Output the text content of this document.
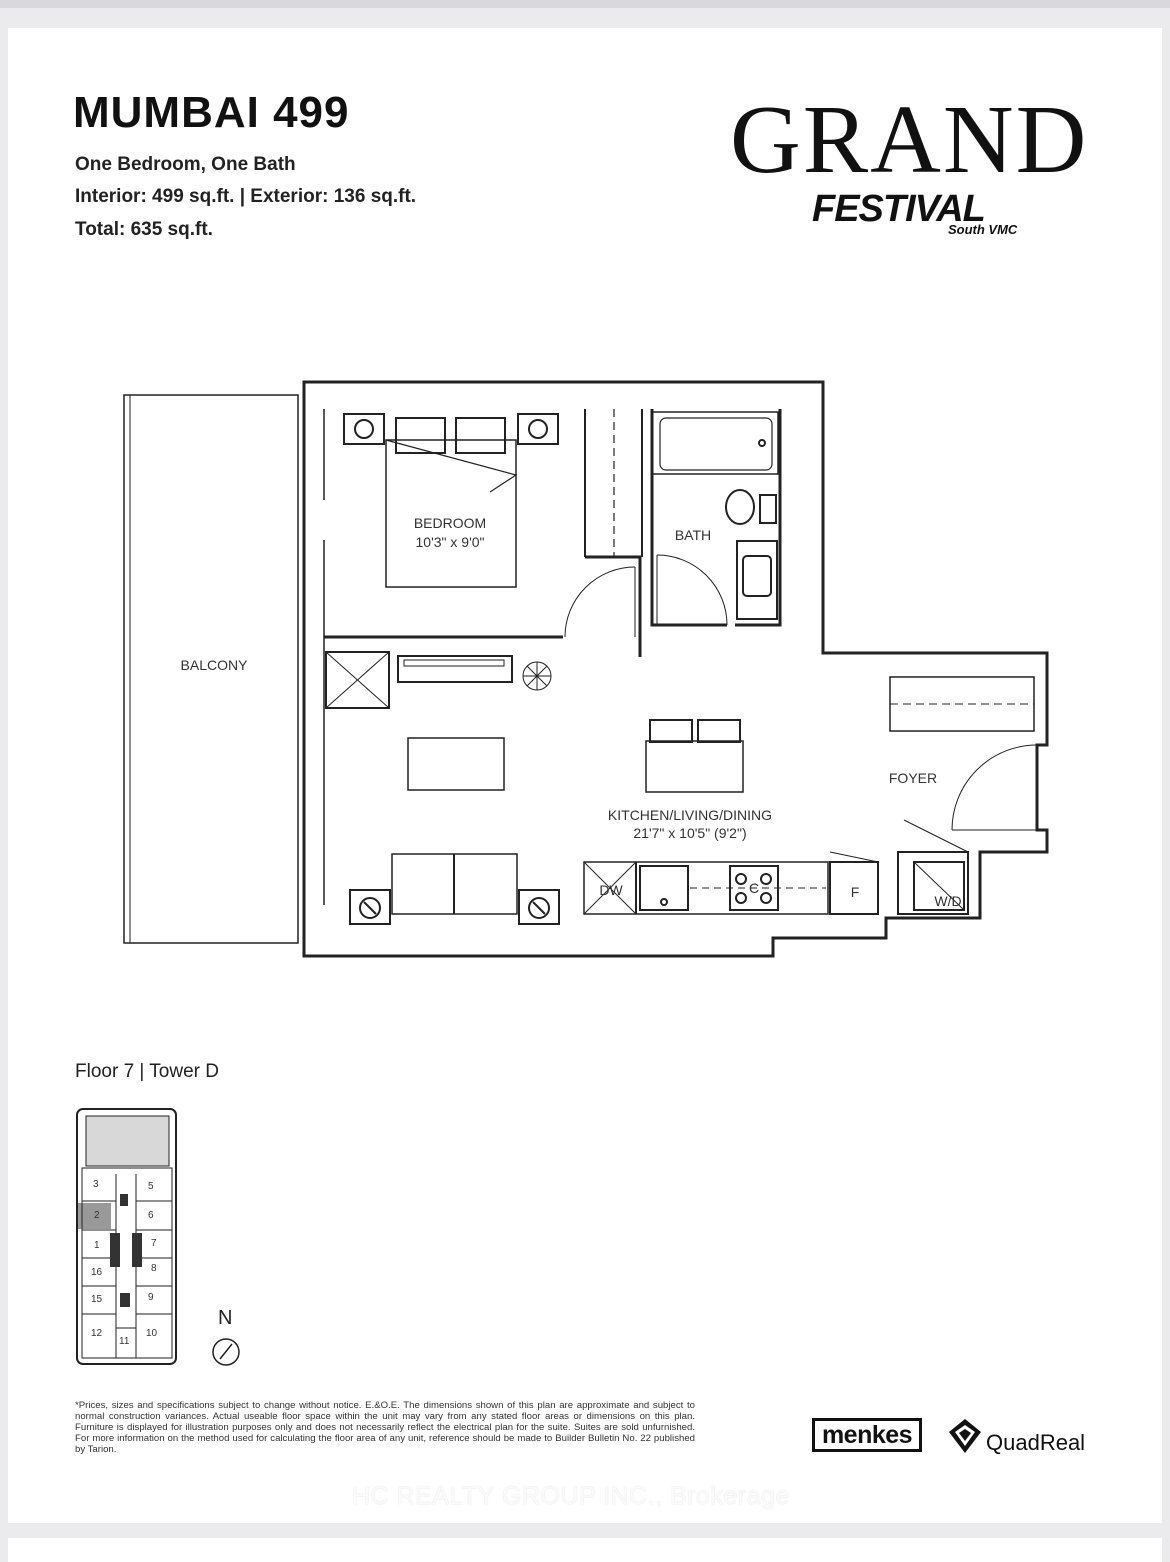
MUMBAI 499
One Bedroom, One Bath
Interior: 499 sq.ft. | Exterior: 136 sq.ft.
Total: 635 sq.ft.
GRAND
FESTIVAL
South VMC
BALCONY
BEDROOM
10'3" x 9'0"	BATH
KITCHEN/LIVING/DINING
21'7" x 10'5" (9'2")
FOYER
DW	C	F
W/D
Floor 7 | Tower D
3	5
2	6
1	7
16	8
15	9
12
11
10
N
*Prices, sizes and specifications subject to change without notice. E.&O.E. The dimensions shown of this plan are approximate and subject to normal construction variances. Actual useable floor space within the unit may vary from any stated floor areas or dimensions on this plan. Furniture is displayed for illustration purposes only and does not necessarily reflect the electrical plan for the suite. Suites are sold unfurnished. For more information on the method used for calculating the floor area of any unit, reference should be made to Builder Bulletin No. 22 published by Tarion.
menkes	QuadReal
HC REALTY GROUP INC., Brokerage
